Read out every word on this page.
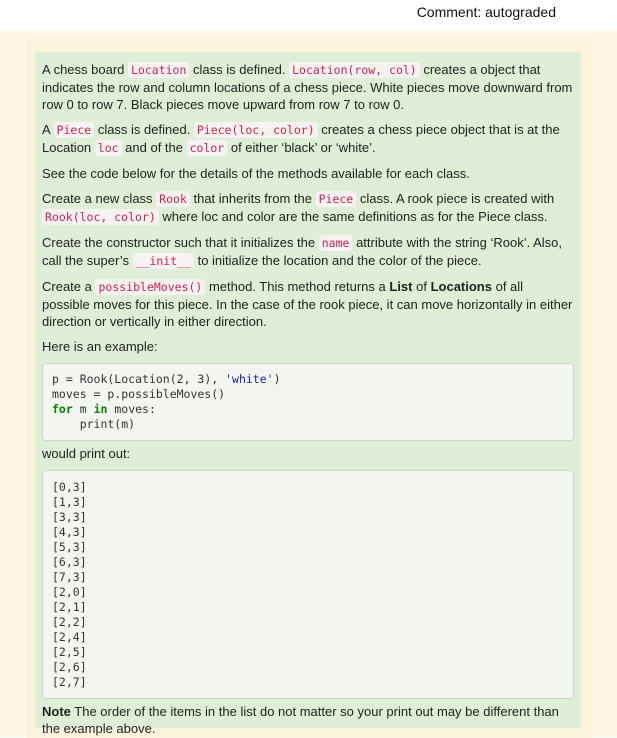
Comment: autograded

A chess board Location class is defined. Location(row, col) creates a object that indicates the row and column locations of a chess piece. White pieces move downward from row 0 to row 7. Black pieces move upward from row 7 to row 0.

A Piece class is defined. Piece(loc, color) creates a chess piece object that is at the Location loc and of the color of either ‘black’ or ‘white’.

See the code below for the details of the methods available for each class.

Create a new class Rook that inherits from the Piece class. A rook piece is created with Rook(loc, color) where loc and color are the same definitions as for the Piece class.

Create the constructor such that it initializes the name attribute with the string ‘Rook’. Also, call the super’s __init__ to initialize the location and the color of the piece.

Create a possibleMoves() method. This method returns a List of Locations of all possible moves for this piece. In the case of the rook piece, it can move horizontally in either direction or vertically in either direction.

Here is an example:

p = Rook(Location(2, 3), 'white')
moves = p.possibleMoves()
for m in moves:
print(m)

would print out:

[0,3]
[1,3]
[3,3]
[4,3]
[5,3]
[6,3]
[7,3]
[2,0]
[2,1]
[2,2]
[2,4]
[2,5]
[2,6]
[2,7]

Note The order of the items in the list do not matter so your print out may be different than the example above.
